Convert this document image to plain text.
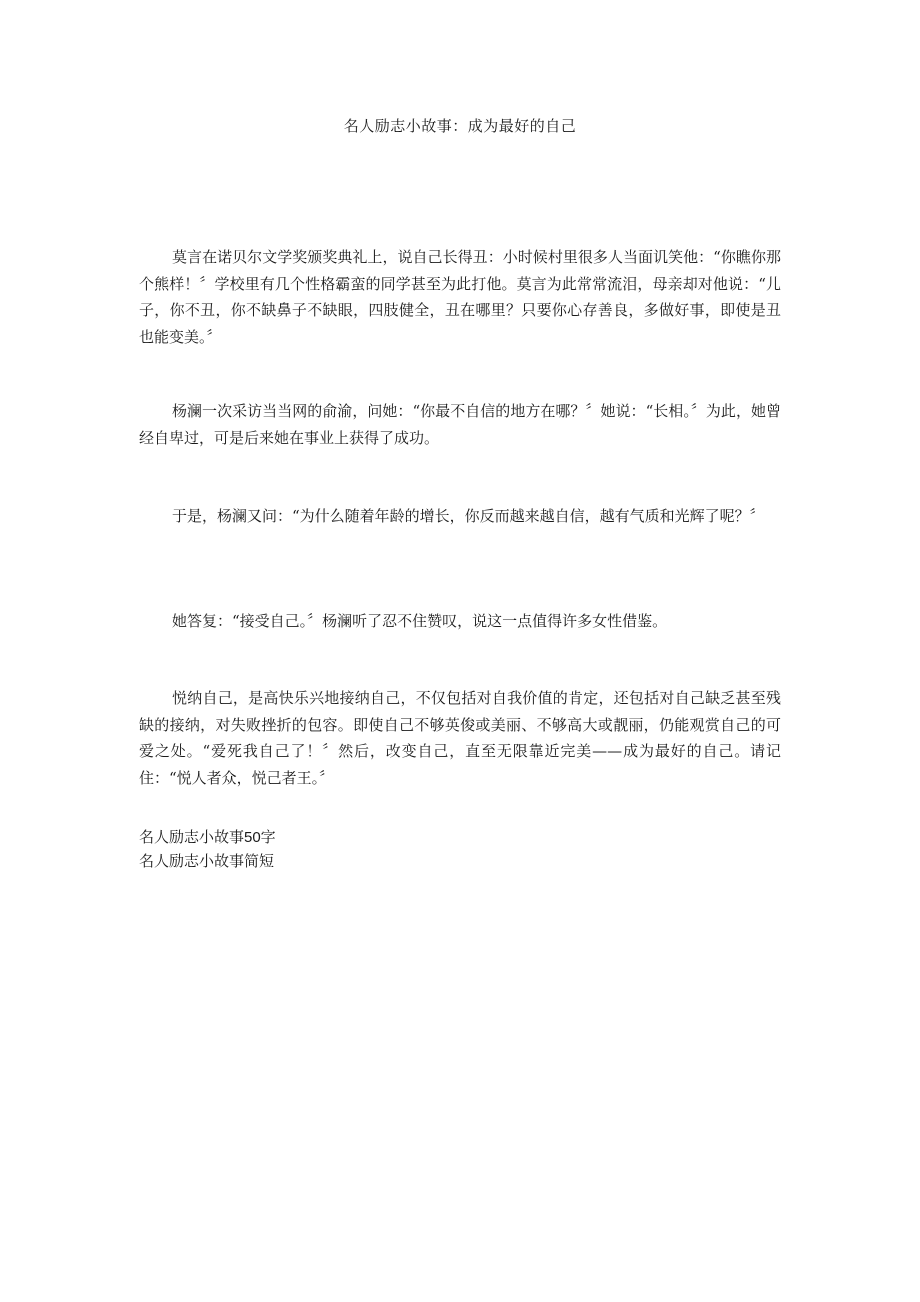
名人励志小故事：成为最好的自己

莫言在诺贝尔文学奖颁奖典礼上，说自己长得丑：小时候村里很多人当面讥笑他：“你瞧你那个熊样！〞学校里有几个性格霸蛮的同学甚至为此打他。莫言为此常常流泪，母亲却对他说：“儿子，你不丑，你不缺鼻子不缺眼，四肢健全，丑在哪里？只要你心存善良，多做好事，即使是丑也能变美。〞

杨澜一次采访当当网的俞渝，问她：“你最不自信的地方在哪？〞她说：“长相。〞为此，她曾经自卑过，可是后来她在事业上获得了成功。

于是，杨澜又问：“为什么随着年龄的增长，你反而越来越自信，越有气质和光辉了呢？〞

她答复：“接受自己。〞杨澜听了忍不住赞叹，说这一点值得许多女性借鉴。

悦纳自己，是高快乐兴地接纳自己，不仅包括对自我价值的肯定，还包括对自己缺乏甚至残缺的接纳，对失败挫折的包容。即使自己不够英俊或美丽、不够高大或靓丽，仍能观赏自己的可爱之处。“爱死我自己了！〞然后，改变自己，直至无限靠近完美——成为最好的自己。请记住：“悦人者众，悦己者王。〞

名人励志小故事50字
名人励志小故事简短
